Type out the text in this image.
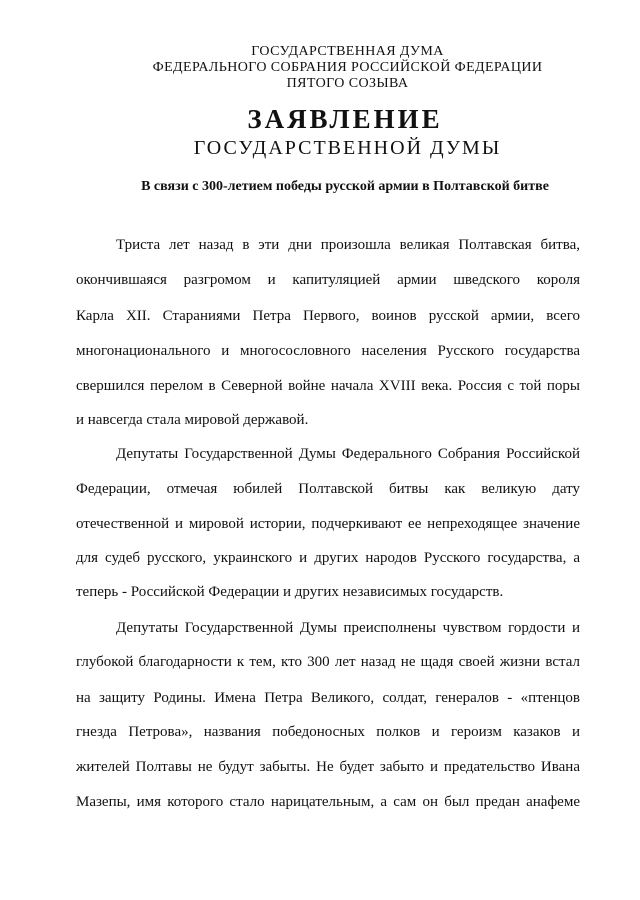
ГОСУДАРСТВЕННАЯ ДУМА
ФЕДЕРАЛЬНОГО СОБРАНИЯ РОССИЙСКОЙ ФЕДЕРАЦИИ
ПЯТОГО СОЗЫВА
ЗАЯВЛЕНИЕ
ГОСУДАРСТВЕННОЙ ДУМЫ
В связи с 300-летием победы русской армии в Полтавской битве
Триста лет назад в эти дни произошла великая Полтавская битва,
окончившаяся разгромом и капитуляцией армии шведского короля
Карла XII. Стараниями Петра Первого, воинов русской армии, всего
многонационального и многосословного населения Русского государства
свершился перелом в Северной войне начала XVIII века. Россия с той поры
и навсегда стала мировой державой.
Депутаты Государственной Думы Федерального Собрания Российской
Федерации, отмечая юбилей Полтавской битвы как великую дату
отечественной и мировой истории, подчеркивают ее непреходящее значение
для судеб русского, украинского и других народов Русского государства, а
теперь - Российской Федерации и других независимых государств.
Депутаты Государственной Думы преисполнены чувством гордости и
глубокой благодарности к тем, кто 300 лет назад не щадя своей жизни встал
на защиту Родины. Имена Петра Великого, солдат, генералов - «птенцов
гнезда Петрова», названия победоносных полков и героизм казаков и
жителей Полтавы не будут забыты. Не будет забыто и предательство Ивана
Мазепы, имя которого стало нарицательным, а сам он был предан анафеме
